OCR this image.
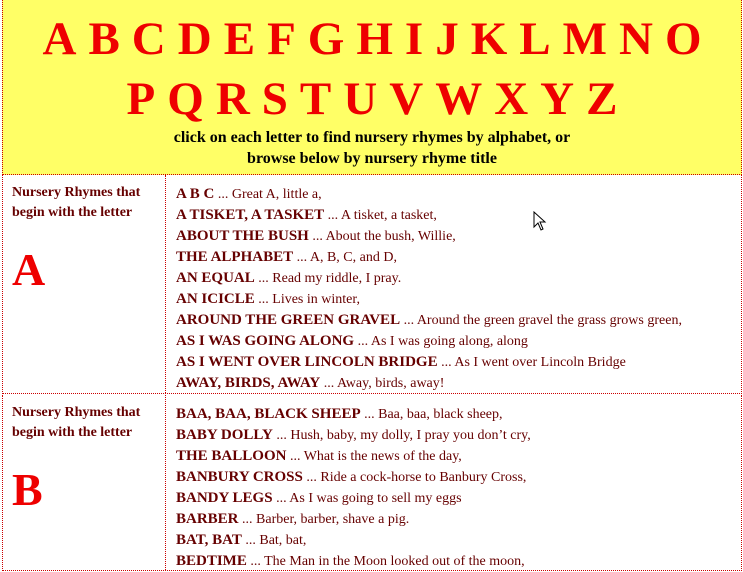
A B C D E F G H I J K L M N O
P Q R S T U V W X Y Z
click on each letter to find nursery rhymes by alphabet, or
browse below by nursery rhyme title
Nursery Rhymes that begin with the letter
A
A B C ... Great A, little a,
A TISKET, A TASKET ... A tisket, a tasket,
ABOUT THE BUSH ... About the bush, Willie,
THE ALPHABET ... A, B, C, and D,
AN EQUAL ... Read my riddle, I pray.
AN ICICLE ... Lives in winter,
AROUND THE GREEN GRAVEL ... Around the green gravel the grass grows green,
AS I WAS GOING ALONG ... As I was going along, along
AS I WENT OVER LINCOLN BRIDGE ... As I went over Lincoln Bridge
AWAY, BIRDS, AWAY ... Away, birds, away!
Nursery Rhymes that begin with the letter
B
BAA, BAA, BLACK SHEEP ... Baa, baa, black sheep,
BABY DOLLY ... Hush, baby, my dolly, I pray you don’t cry,
THE BALLOON ... What is the news of the day,
BANBURY CROSS ... Ride a cock-horse to Banbury Cross,
BANDY LEGS ... As I was going to sell my eggs
BARBER ... Barber, barber, shave a pig.
BAT, BAT ... Bat, bat,
BEDTIME ... The Man in the Moon looked out of the moon,
